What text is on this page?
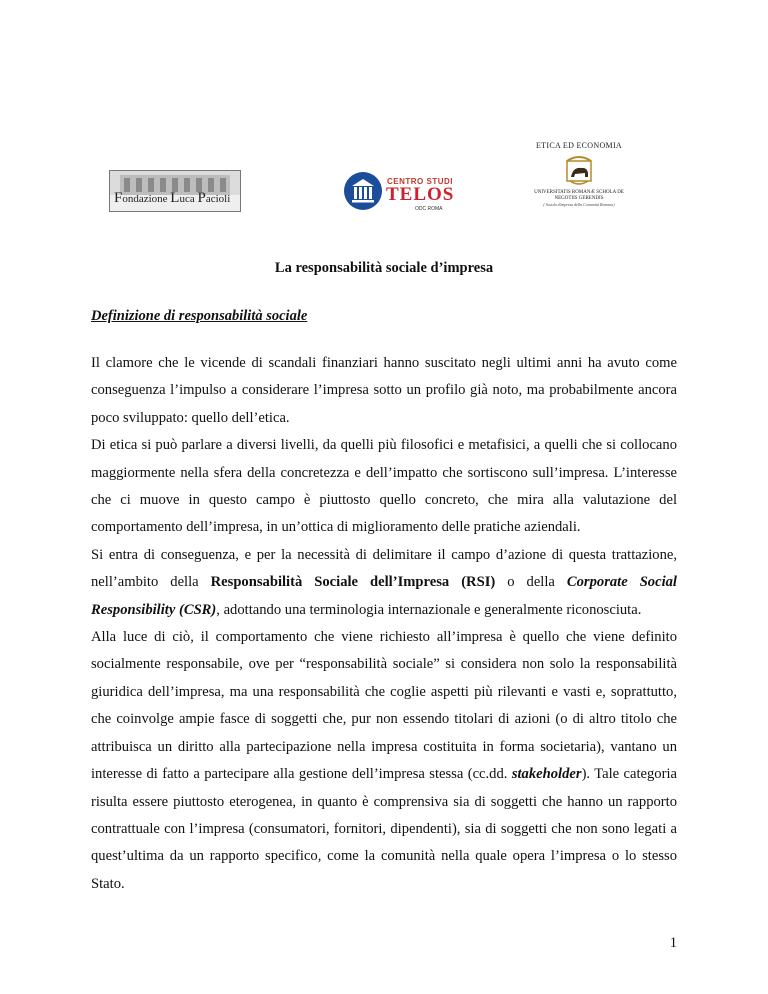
Fondazione Luca Pacioli
CENTRO STUDI
TELOS
ODC ROMA
ETICA ED ECONOMIA
UNIVERSITATIS ROMANÆ SCHOLA DE NEGOTIIS GERENDIS
( Scuola d'impresa della Comunità Romana)
La responsabilità sociale d’impresa
Definizione di responsabilità sociale

Il clamore che le vicende di scandali finanziari hanno suscitato negli ultimi anni ha avuto come conseguenza l’impulso a considerare l’impresa sotto un profilo già noto, ma probabilmente ancora poco sviluppato: quello dell’etica.

Di etica si può parlare a diversi livelli, da quelli più filosofici e metafisici, a quelli che si collocano maggiormente nella sfera della concretezza e dell’impatto che sortiscono sull’impresa. L’interesse che ci muove in questo campo è piuttosto quello concreto, che mira alla valutazione del comportamento dell’impresa, in un’ottica di miglioramento delle pratiche aziendali.

Si entra di conseguenza, e per la necessità di delimitare il campo d’azione di questa trattazione, nell’ambito della Responsabilità Sociale dell’Impresa (RSI) o della Corporate Social Responsibility (CSR), adottando una terminologia internazionale e generalmente riconosciuta.

Alla luce di ciò, il comportamento che viene richiesto all’impresa è quello che viene definito socialmente responsabile, ove per “responsabilità sociale” si considera non solo la responsabilità giuridica dell’impresa, ma una responsabilità che coglie aspetti più rilevanti e vasti e, soprattutto, che coinvolge ampie fasce di soggetti che, pur non essendo titolari di azioni (o di altro titolo che attribuisca un diritto alla partecipazione nella impresa costituita in forma societaria), vantano un interesse di fatto a partecipare alla gestione dell’impresa stessa (cc.dd. stakeholder). Tale categoria risulta essere piuttosto eterogenea, in quanto è comprensiva sia di soggetti che hanno un rapporto contrattuale con l’impresa (consumatori, fornitori, dipendenti), sia di soggetti che non sono legati a quest’ultima da un rapporto specifico, come la comunità nella quale opera l’impresa o lo stesso Stato.

1
